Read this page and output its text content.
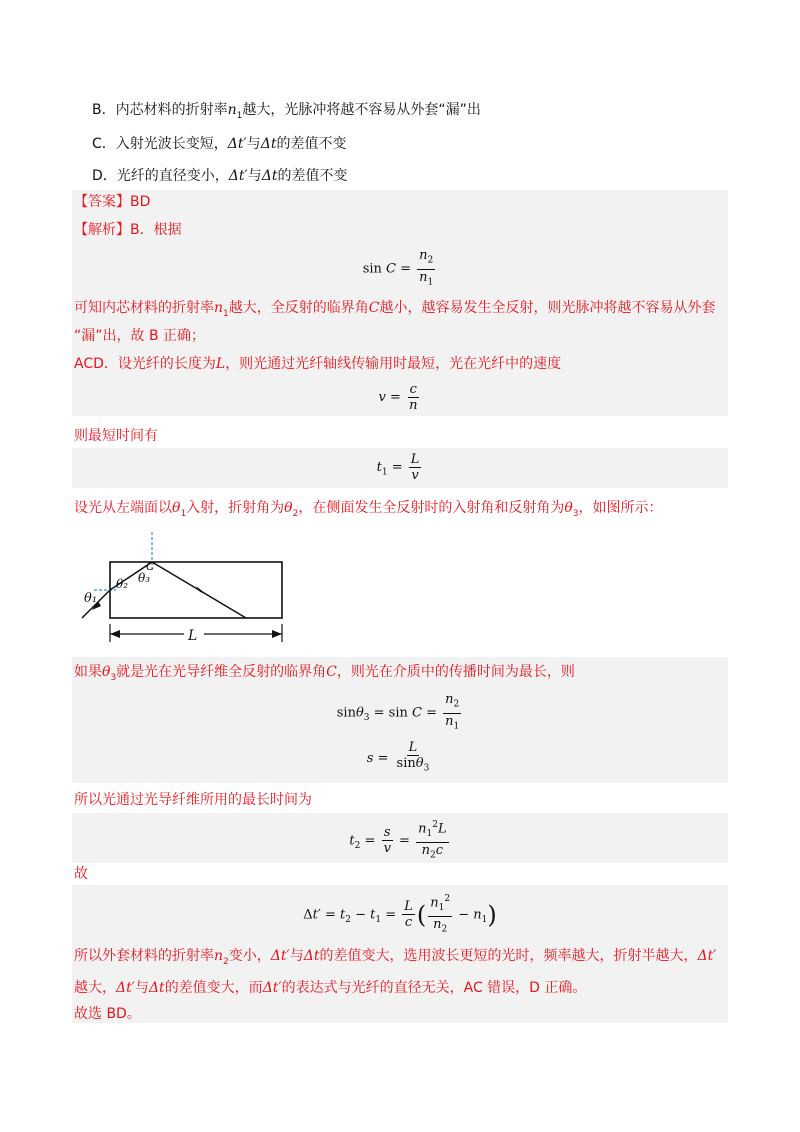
B．内芯材料的折射率$n_1$越大，光脉冲将越不容易从外套“漏”出
C．入射光波长变短，Δt′与Δt的差值不变
D．光纤的直径变小，Δt′与Δt的差值不变
【答案】BD
【解析】B．根据
$\sin C = \frac{n_2}{n_1}$
可知内芯材料的折射率$n_1$越大，全反射的临界角C越小，越容易发生全反射，则光脉冲将越不容易从外套
“漏”出，故 B 正确；
ACD．设光纤的长度为L，则光通过光纤轴线传输用时最短，光在光纤中的速度
$v = \frac{c}{n}$
则最短时间有
$t_1 = \frac{L}{v}$
设光从左端面以$\theta_1$入射，折射角为$\theta_2$，在侧面发生全反射时的入射角和反射角为$\theta_3$，如图所示：
θ₁
θ₂ θ₃
C
L
如果$\theta_3$就是光在光导纤维全反射的临界角C，则光在介质中的传播时间为最长，则
$\sin\theta_3 = \sin C = \frac{n_2}{n_1}$
$s = \frac{L}{\sin\theta_3}$
所以光通过光导纤维所用的最长时间为
$t_2 = \frac{s}{v} = \frac{n_1^2L}{n_2c}$
故
$\Delta t' = t_2 - t_1 = \frac{L}{c}$ ( $\frac{n_1^2}{n_2} - n_1$)
所以外套材料的折射率$n_2$变小，Δt′与Δt的差值变大，选用波长更短的光时，频率越大，折射半越大，Δt′
越大，Δt′与Δt的差值变大，而Δt′的表达式与光纤的直径无关，AC 错误，D 正确。
故选 BD。
